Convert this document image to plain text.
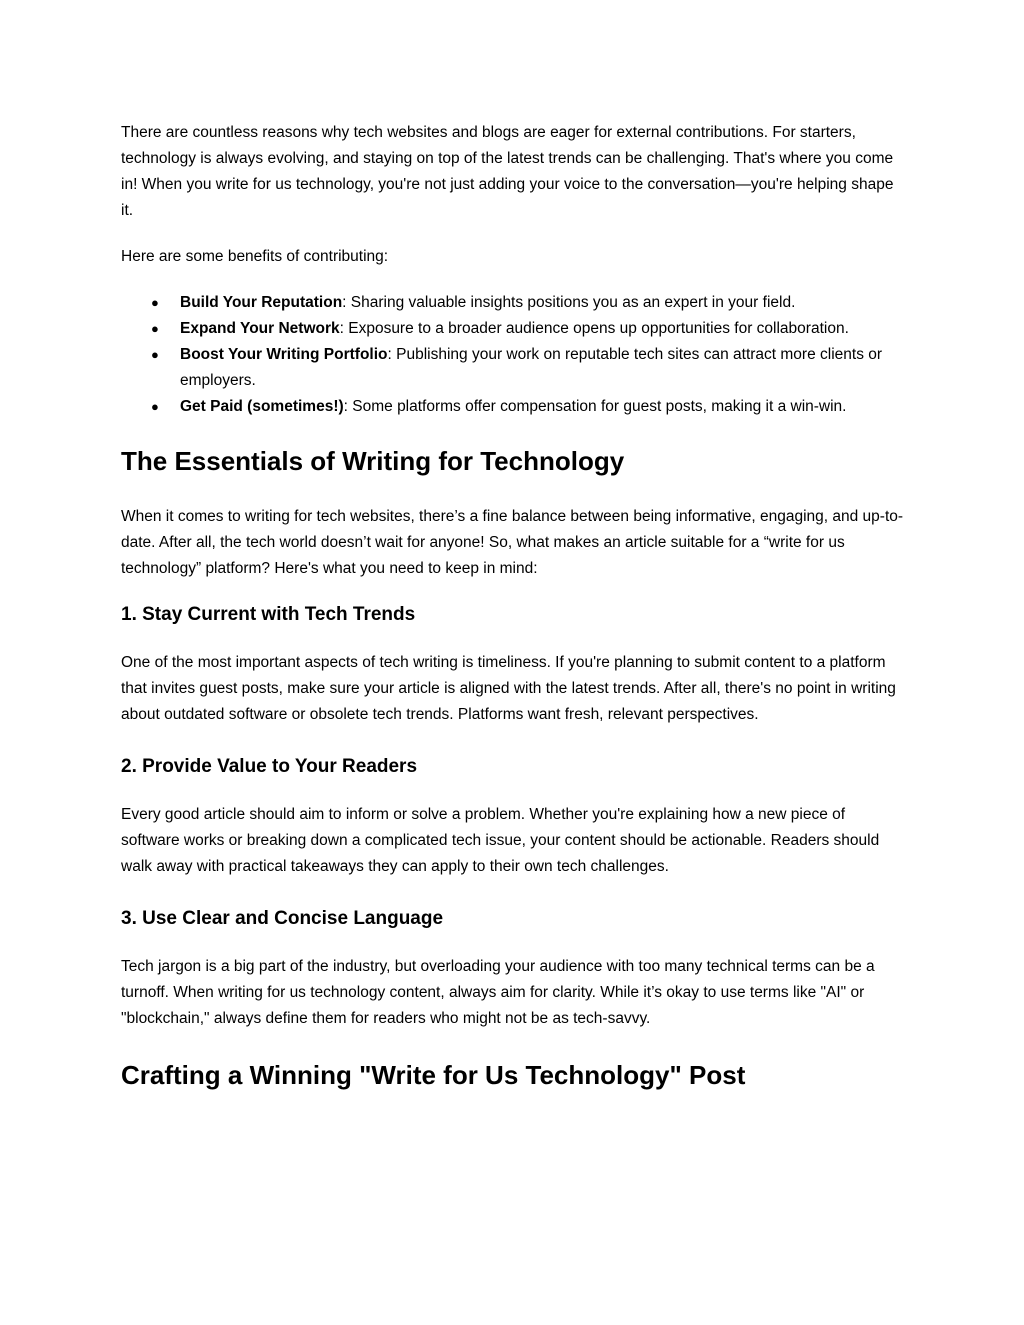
There are countless reasons why tech websites and blogs are eager for external contributions. For starters, technology is always evolving, and staying on top of the latest trends can be challenging. That's where you come in! When you write for us technology, you're not just adding your voice to the conversation—you're helping shape it.

Here are some benefits of contributing:

● Build Your Reputation: Sharing valuable insights positions you as an expert in your field.
● Expand Your Network: Exposure to a broader audience opens up opportunities for collaboration.
● Boost Your Writing Portfolio: Publishing your work on reputable tech sites can attract more clients or employers.
● Get Paid (sometimes!): Some platforms offer compensation for guest posts, making it a win-win.
The Essentials of Writing for Technology

When it comes to writing for tech websites, there’s a fine balance between being informative, engaging, and up-to-date. After all, the tech world doesn’t wait for anyone! So, what makes an article suitable for a “write for us technology” platform? Here's what you need to keep in mind:

1. Stay Current with Tech Trends

One of the most important aspects of tech writing is timeliness. If you're planning to submit content to a platform that invites guest posts, make sure your article is aligned with the latest trends. After all, there's no point in writing about outdated software or obsolete tech trends. Platforms want fresh, relevant perspectives.

2. Provide Value to Your Readers

Every good article should aim to inform or solve a problem. Whether you're explaining how a new piece of software works or breaking down a complicated tech issue, your content should be actionable. Readers should walk away with practical takeaways they can apply to their own tech challenges.

3. Use Clear and Concise Language

Tech jargon is a big part of the industry, but overloading your audience with too many technical terms can be a turnoff. When writing for us technology content, always aim for clarity. While it’s okay to use terms like "AI" or "blockchain," always define them for readers who might not be as tech-savvy.

Crafting a Winning "Write for Us Technology" Post
